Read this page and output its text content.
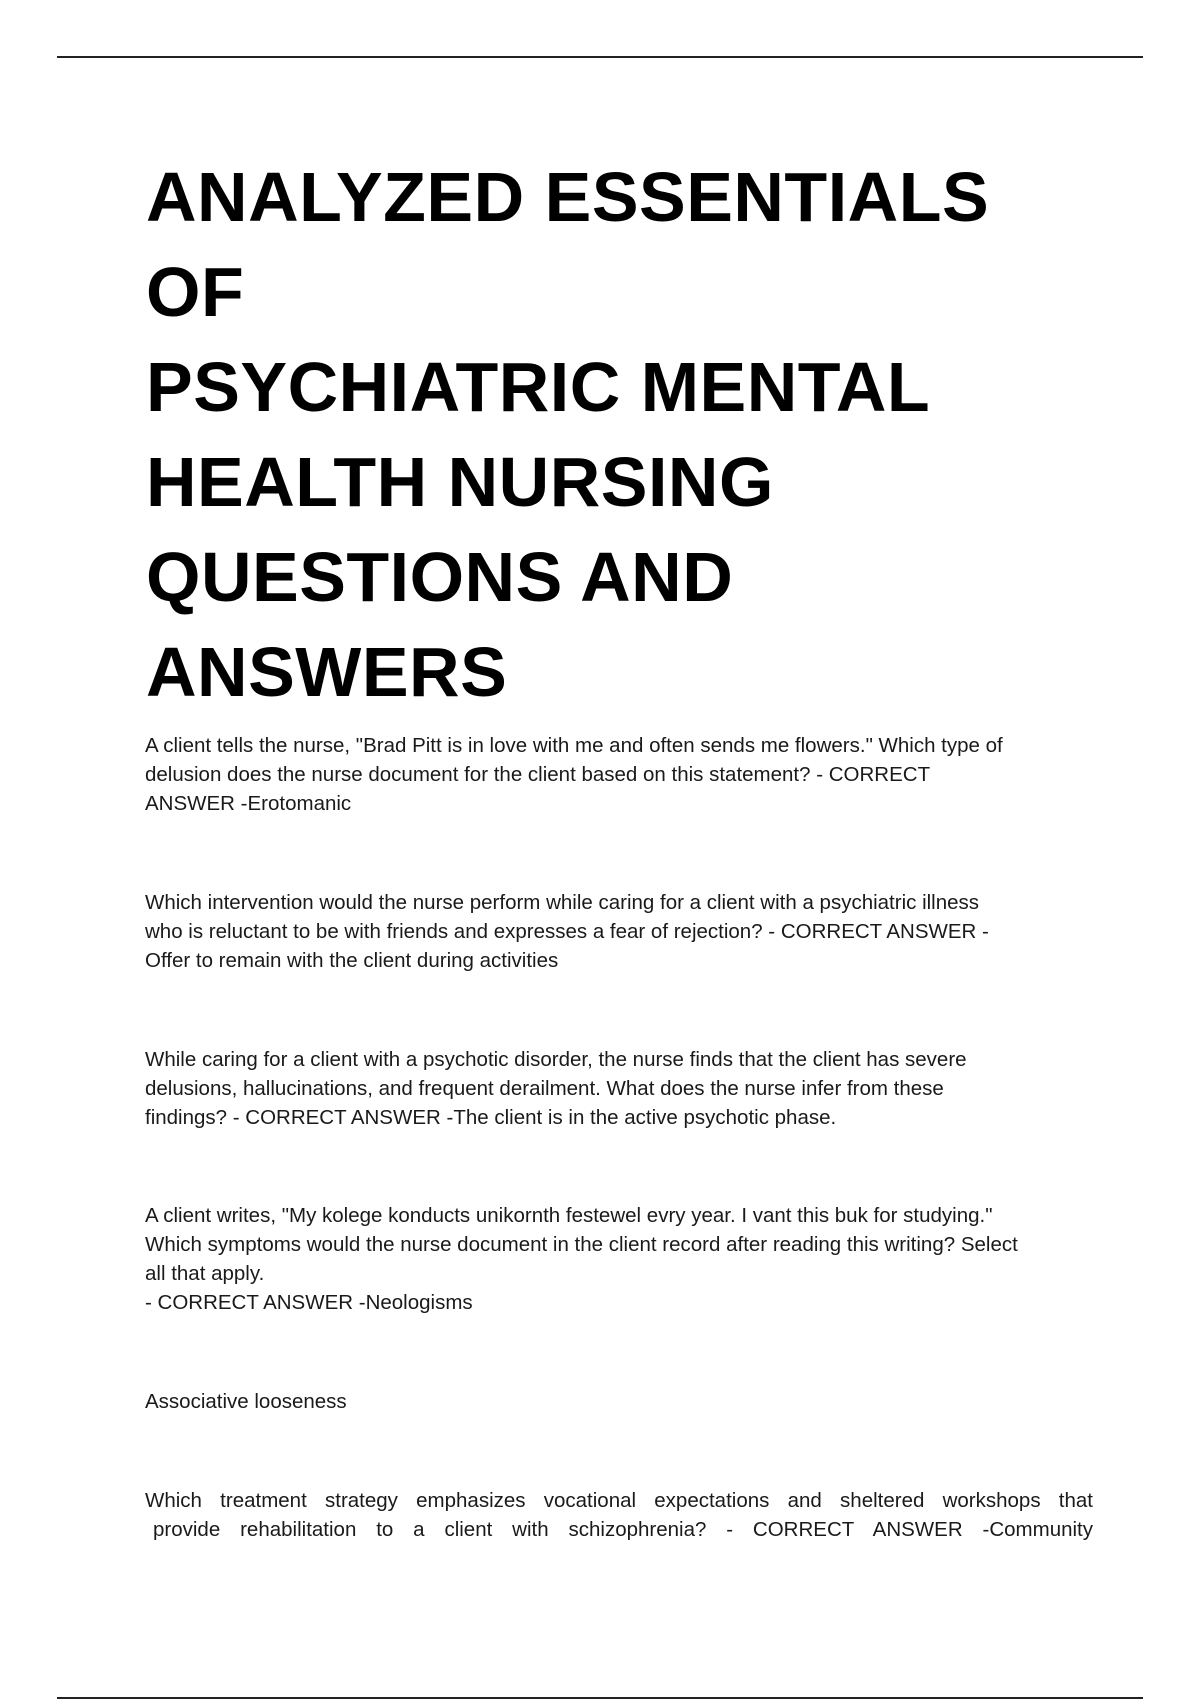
ANALYZED ESSENTIALS
OF
PSYCHIATRIC MENTAL
HEALTH NURSING
QUESTIONS AND
ANSWERS
A client tells the nurse, "Brad Pitt is in love with me and often sends me flowers." Which type of
delusion does the nurse document for the client based on this statement? - CORRECT
ANSWER -Erotomanic
Which intervention would the nurse perform while caring for a client with a psychiatric illness
who is reluctant to be with friends and expresses a fear of rejection? - CORRECT ANSWER -
Offer to remain with the client during activities
While caring for a client with a psychotic disorder, the nurse finds that the client has severe
delusions, hallucinations, and frequent derailment. What does the nurse infer from these
findings? - CORRECT ANSWER -The client is in the active psychotic phase.
A client writes, "My kolege konducts unikornth festewel evry year. I vant this buk for studying."
Which symptoms would the nurse document in the client record after reading this writing? Select
all that apply.
- CORRECT ANSWER -Neologisms
Associative looseness
Which treatment strategy emphasizes vocational expectations and sheltered workshops that
provide rehabilitation to a client with schizophrenia? - CORRECT ANSWER -Community
